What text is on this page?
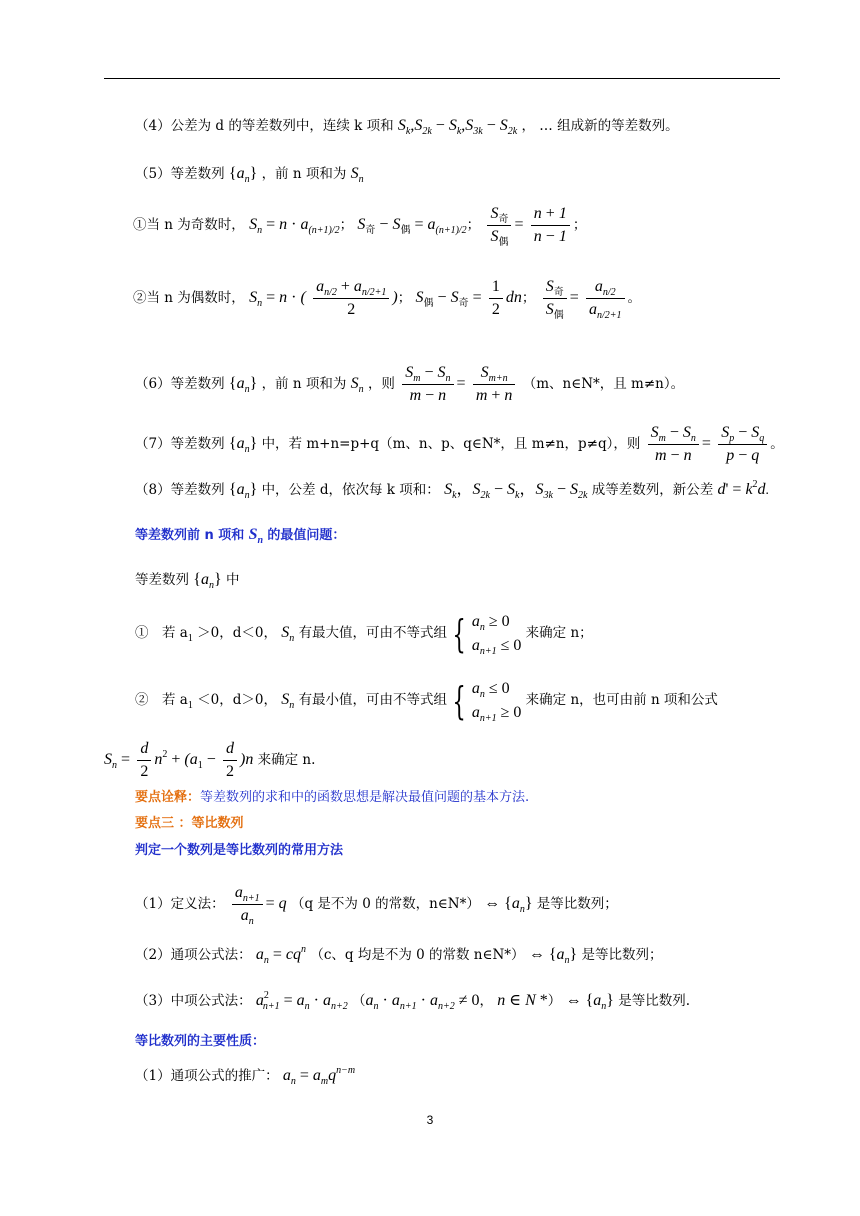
（4）公差为 d 的等差数列中，连续 k 项和 $S_k,S_{2k} - S_k,S_{3k} - S_{2k}$ ， … 组成新的等差数列。
（5）等差数列 $\{a_n\}$ ，前 n 项和为 $S_n$
①当 n 为奇数时， $S_n = n \cdot a_{(n+1)/2}$； $S_奇 - S_偶 = a_{(n+1)/2}$； $\frac{S_奇}{S_偶} = \frac{n + 1}{n - 1}$ ；
②当 n 为偶数时， $S_n = n$ · ( $\frac{a_{n/2} + a_{n/2+1}}{2}$ )； $S_偶 - S_奇 = \frac{1}{2}$ dn； $\frac{S_奇}{S_偶} = \frac{a_{n/2}}{a_{n/2+1}}$ 。
（6）等差数列 $\{a_n\}$ ，前 n 项和为 $S_n$ ，则 $\frac{S_m - S_n}{m - n} = \frac{S_{m+n}}{m + n} (m$、n∈N*，且 m≠n）。
（7）等差数列 $\{a_n\}$ 中，若 m+n=p+q（m、n、p、q∈N*，且 m≠n，p≠q），则 $\frac{S_m - S_n}{m - n} = \frac{S_p - S_q}{p - q}$ 。
（8）等差数列 $\{a_n\}$ 中，公差 d，依次每 k 项和： $S_k$，$S_{2k} - S_k$，$S_{3k} - S_{2k}$ 成等差数列，新公差 $d' = k^2d$.
等差数列前 n 项和 $S_n$ 的最值问题：
等差数列 $\{a_n\}$ 中
①　若 $a_1 >0$，d＜0， $S_n$ 有最大值，可由不等式组 { $a_n \ge 0$
$a_{n+1} \le 0$
来确定 n；
②　若 $a_1 <0$，d＞0， $S_n$ 有最小值，可由不等式组 { $a_n \le 0$
$a_{n+1} \ge 0$
来确定 n，也可由前 n 项和公式
$S_n = \frac{d}{2} n^2 + (a_1 - \frac{d}{2} )n$ 来确定 n.
要点诠释：等差数列的求和中的函数思想是解决最值问题的基本方法.
要点三 ：等比数列
判定一个数列是等比数列的常用方法
（1）定义法： $\frac{a_{n+1}}{a_n} = q$ （q 是不为 0 的常数，n∈N*） ⇔ $\{a_n\}$ 是等比数列；
（2）通项公式法： $a_n = cq^n$ （c、q 均是不为 0 的常数 n∈N*） ⇔ $\{a_n\}$ 是等比数列；
（3）中项公式法： $a^2_{n+1} = a_n \cdot a_{n+2}$ （$a_n \cdot a_{n+1} \cdot a_{n+2} \ne 0$， n ∈ N *） ⇔ $\{a_n\}$ 是等比数列.
等比数列的主要性质：
（1）通项公式的推广： $a_n = a_mq^{n-m}$
3
